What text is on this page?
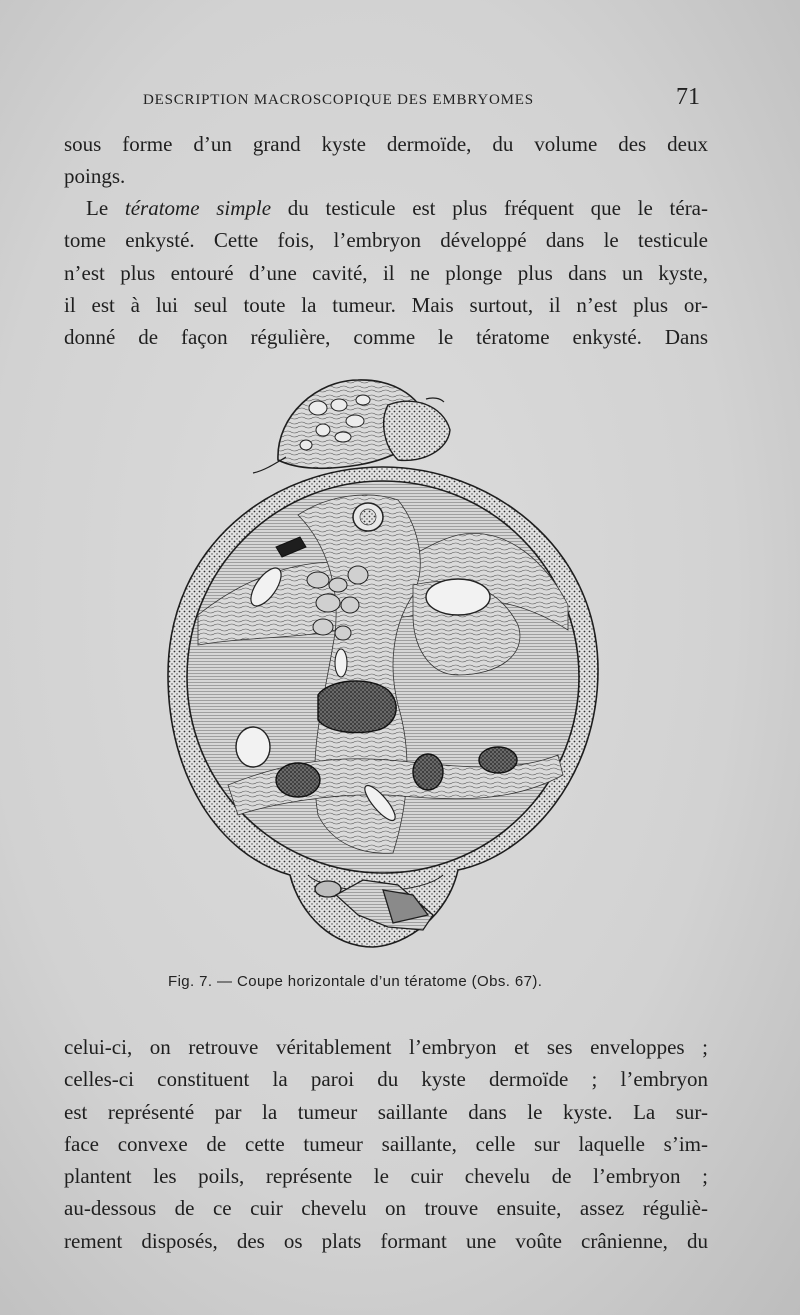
DESCRIPTION MACROSCOPIQUE DES EMBRYOMES	71
sous forme d’un grand kyste dermoïde, du volume des deux
poings.
Le tératome simple du testicule est plus fréquent que le téra-
tome enkysté. Cette fois, l’embryon développé dans le testicule
n’est plus entouré d’une cavité, il ne plonge plus dans un kyste,
il est à lui seul toute la tumeur. Mais surtout, il n’est plus or-
donné de façon régulière, comme le tératome enkysté. Dans
Fig. 7. — Coupe horizontale d’un tératome (Obs. 67).
celui-ci, on retrouve véritablement l’embryon et ses enveloppes ;
celles-ci constituent la paroi du kyste dermoïde ; l’embryon
est représenté par la tumeur saillante dans le kyste. La sur-
face convexe de cette tumeur saillante, celle sur laquelle s’im-
plantent les poils, représente le cuir chevelu de l’embryon ;
au-dessous de ce cuir chevelu on trouve ensuite, assez réguliè-
rement disposés, des os plats formant une voûte crânienne, du
